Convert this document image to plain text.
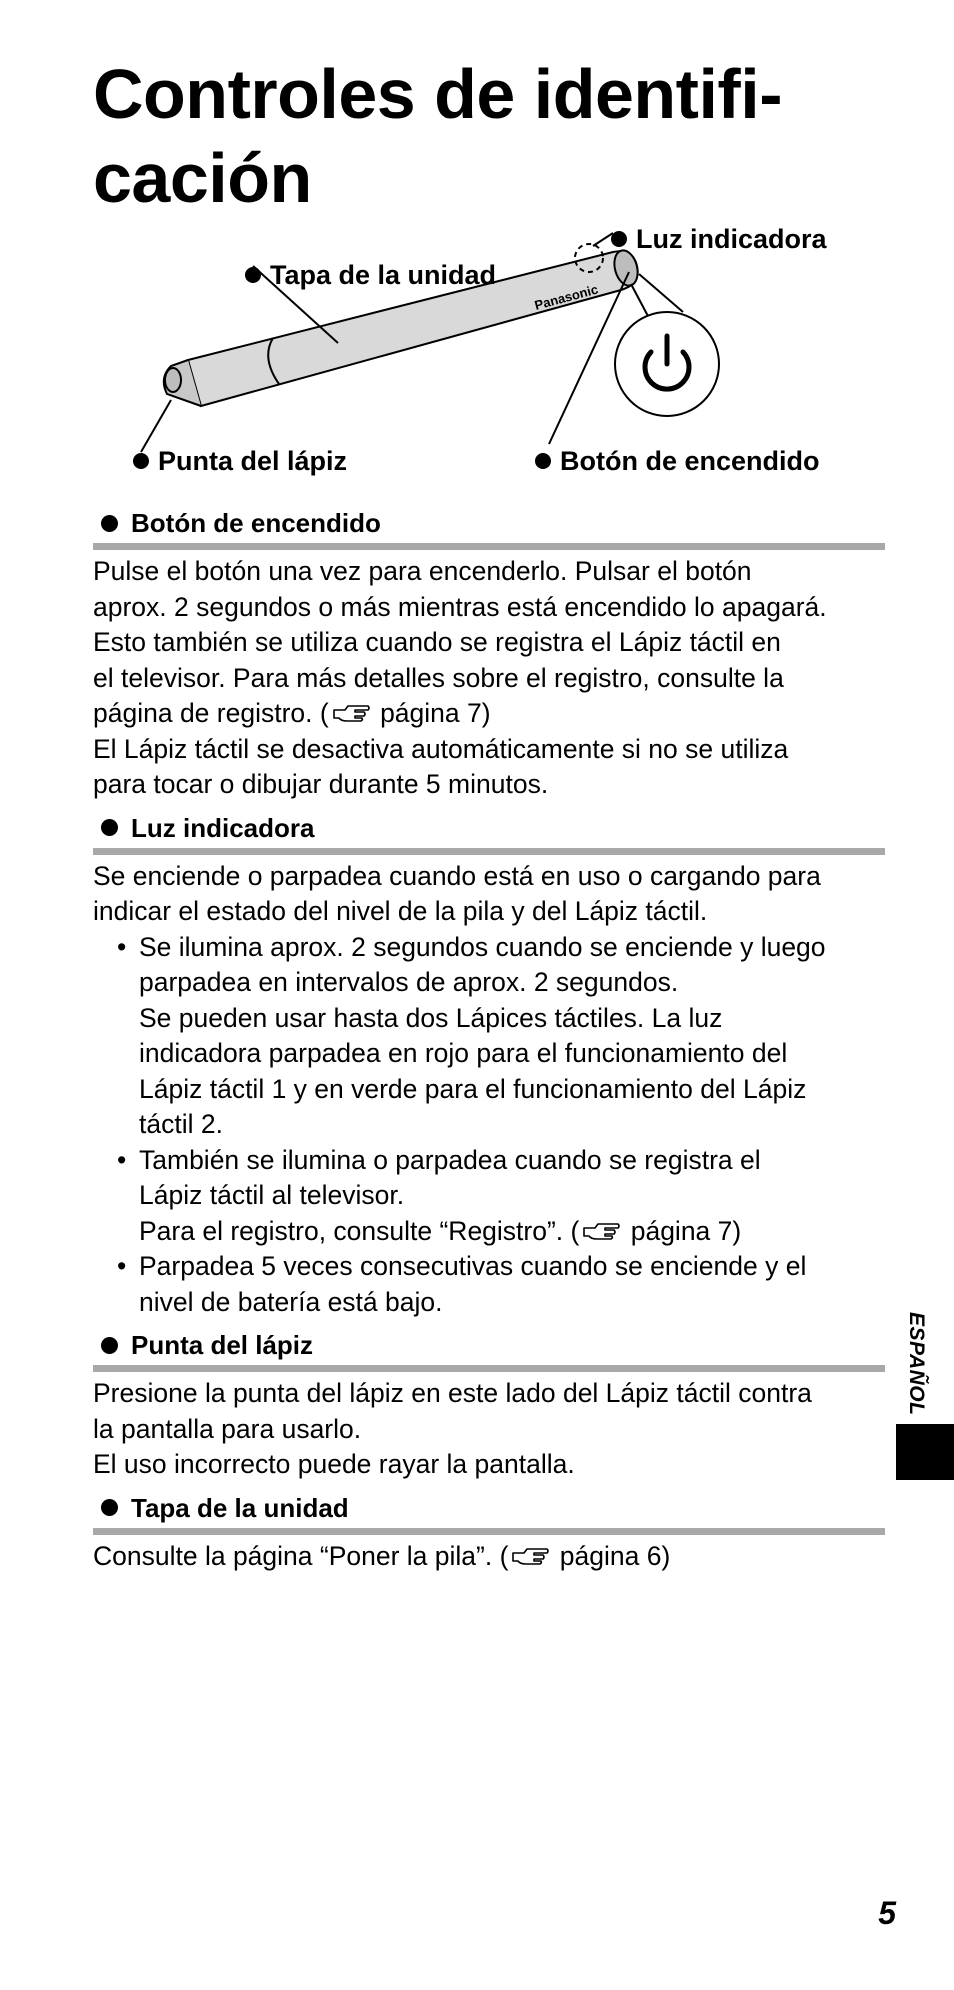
Controles de identifi-
cación
Panasonic
Luz indicadora
Tapa de la unidad
Punta del lápiz	Botón de encendido
Botón de encendido

Pulse el botón una vez para encenderlo. Pulsar el botón

aprox. 2 segundos o más mientras está encendido lo apagará.

Esto también se utiliza cuando se registra el Lápiz táctil en

el televisor. Para más detalles sobre el registro, consulte la

página de registro. ( página 7)

El Lápiz táctil se desactiva automáticamente si no se utiliza

para tocar o dibujar durante 5 minutos.

Luz indicadora

Se enciende o parpadea cuando está en uso o cargando para

indicar el estado del nivel de la pila y del Lápiz táctil.

• Se ilumina aprox. 2 segundos cuando se enciende y luego

parpadea en intervalos de aprox. 2 segundos.

Se pueden usar hasta dos Lápices táctiles. La luz

indicadora parpadea en rojo para el funcionamiento del

Lápiz táctil 1 y en verde para el funcionamiento del Lápiz

táctil 2.

• También se ilumina o parpadea cuando se registra el

Lápiz táctil al televisor.

Para el registro, consulte “Registro”. ( página 7)

• Parpadea 5 veces consecutivas cuando se enciende y el

nivel de batería está bajo.

Punta del lápiz

Presione la punta del lápiz en este lado del Lápiz táctil contra

la pantalla para usarlo.

El uso incorrecto puede rayar la pantalla.

Tapa de la unidad

Consulte la página “Poner la pila”. ( página 6)

ESPAÑOL
5
